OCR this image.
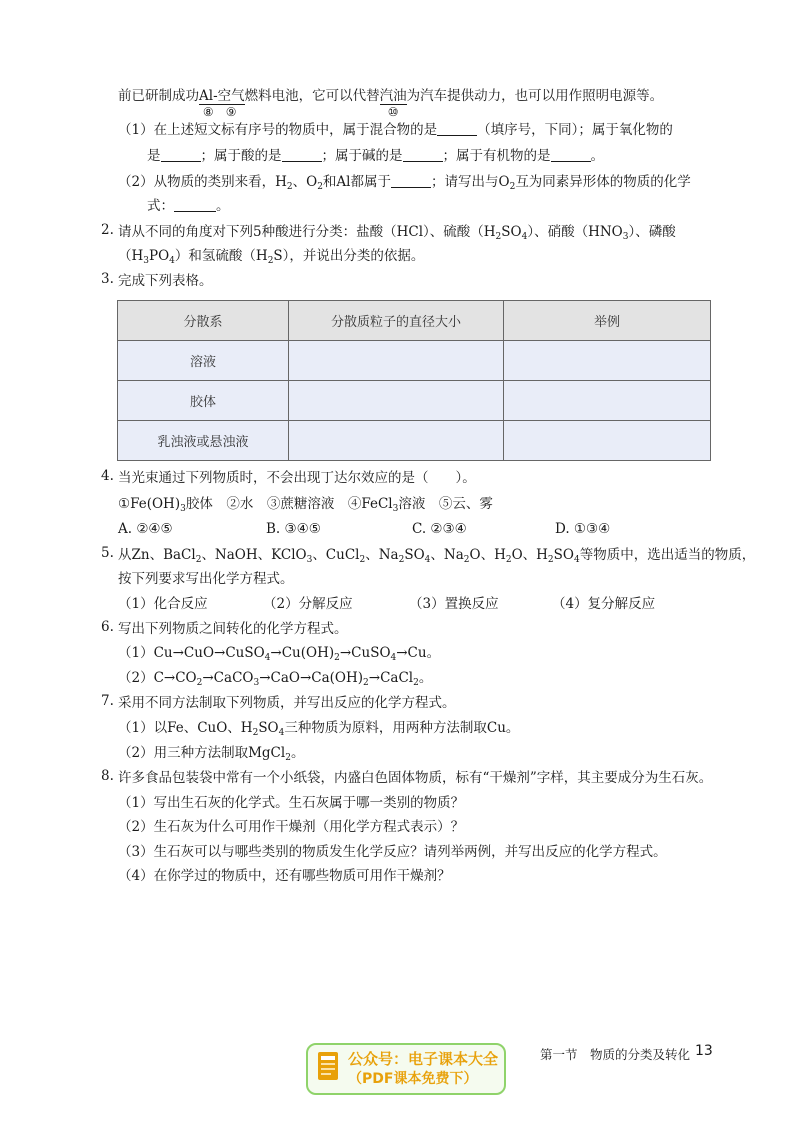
前已研制成功Al-
⑧
空气
⑨
燃料电池，它可以代替汽油
⑩
为汽车提供动力，也可以用作照明电源等。
（1）在上述短文标有序号的物质中，属于混合物的是	（填序号，下同）；属于氧化物的
是	；属于酸的是	；属于碱的是	；属于有机物的是	。
（2）从物质的类别来看，$H_2$、$O_2$和Al都属于	；请写出与$O_2$互为同素异形体的物质的化学
式：	。
2. 请从不同的角度对下列5种酸进行分类：盐酸（HCl）、硫酸$(H_2SO_4)$、硝酸$(HNO_3)$、磷酸
$(H_3PO_4)$和氢硫酸$(H_2S)$，并说出分类的依据。
3. 完成下列表格。
分散系	分散质粒子的直径大小	举例
溶液		
胶体		
乳浊液或悬浊液		
4. 当光束通过下列物质时，不会出现丁达尔效应的是（　　）。
$①Fe(OH)_3$胶体　②水　③蔗糖溶液　④FeCl$_3$溶液　⑤云、雾
A. ②④⑤	B. ③④⑤	C. ②③④	D. ①③④
5. 从Zn、BaCl$_2$、NaOH、KClO$_3$、CuCl$_2$、$Na_2SO_4$、$Na_2O$、$H_2O$、$H_2SO_4$等物质中，选出适当的物质，
按下列要求写出化学方程式。
（1）化合反应	（2）分解反应	（3）置换反应	（4）复分解反应
6. 写出下列物质之间转化的化学方程式。
$(1)Cu\to CuO\to CuSO_4\to Cu(OH)_2\to CuSO_4\to Cu$。
$(2)C\to CO_2\to CaCO_3\to CaO\to Ca(OH)_2\to CaCl_2$。
7. 采用不同方法制取下列物质，并写出反应的化学方程式。
（1）以Fe、CuO、$H_2SO_4$三种物质为原料，用两种方法制取Cu。
（2）用三种方法制取MgCl$_2$。
8. 许多食品包装袋中常有一个小纸袋，内盛白色固体物质，标有“干燥剂”字样，其主要成分为生石灰。
（1）写出生石灰的化学式。生石灰属于哪一类别的物质？
（2）生石灰为什么可用作干燥剂（用化学方程式表示）？
（3）生石灰可以与哪些类别的物质发生化学反应？请列举两例，并写出反应的化学方程式。
（4）在你学过的物质中，还有哪些物质可用作干燥剂？
第一节　物质的分类及转化 13
公众号：电子课本大全
（PDF课本免费下）
